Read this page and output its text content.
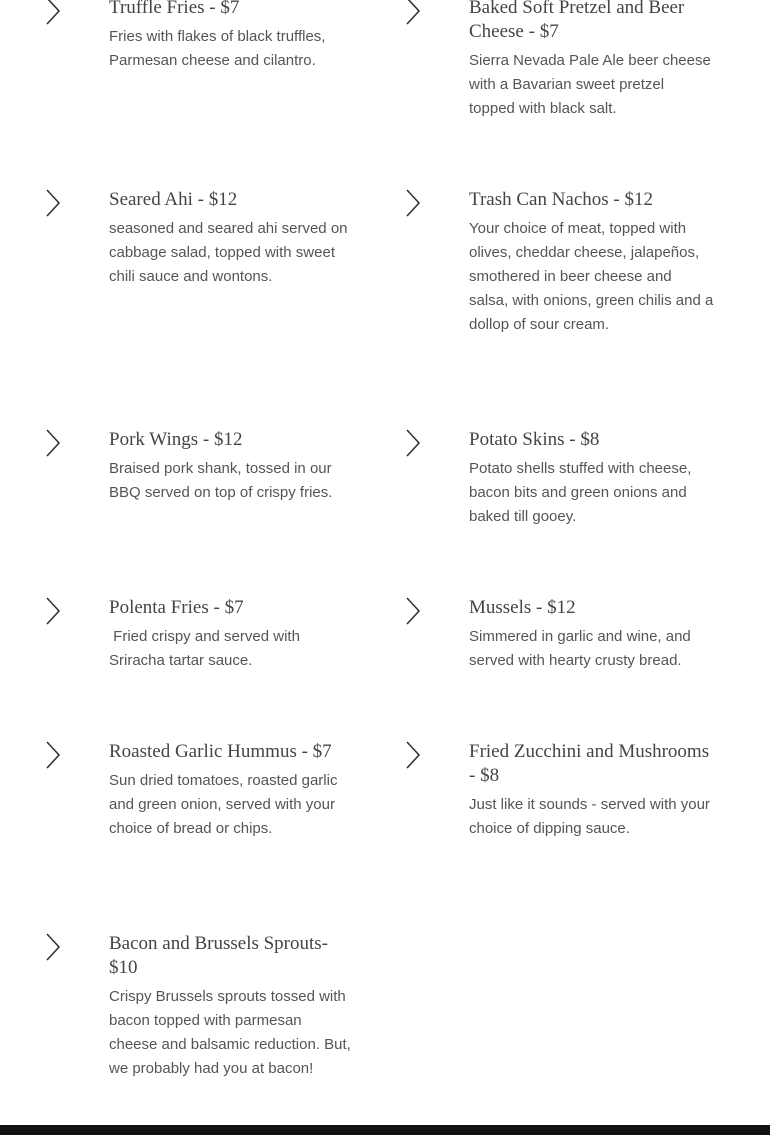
Truffle Fries - $7

Fries with flakes of black truffles, Parmesan cheese and cilantro.

Baked Soft Pretzel and Beer Cheese - $7

Sierra Nevada Pale Ale beer cheese with a Bavarian sweet pretzel topped with black salt.

Seared Ahi - $12

seasoned and seared ahi served on cabbage salad, topped with sweet chili sauce and wontons.

Trash Can Nachos - $12

Your choice of meat, topped with olives, cheddar cheese, jalapeños, smothered in beer cheese and salsa, with onions, green chilis and a dollop of sour cream.

Pork Wings - $12

Braised pork shank, tossed in our BBQ served on top of crispy fries.

Potato Skins - $8

Potato shells stuffed with cheese, bacon bits and green onions and baked till gooey.

Polenta Fries - $7

Fried crispy and served with Sriracha tartar sauce.

Mussels - $12

Simmered in garlic and wine, and served with hearty crusty bread.

Roasted Garlic Hummus - $7

Sun dried tomatoes, roasted garlic and green onion, served with your choice of bread or chips.

Fried Zucchini and Mushrooms - $8

Just like it sounds - served with your choice of dipping sauce.

Bacon and Brussels Sprouts- $10

Crispy Brussels sprouts tossed with bacon topped with parmesan cheese and balsamic reduction. But, we probably had you at bacon!
